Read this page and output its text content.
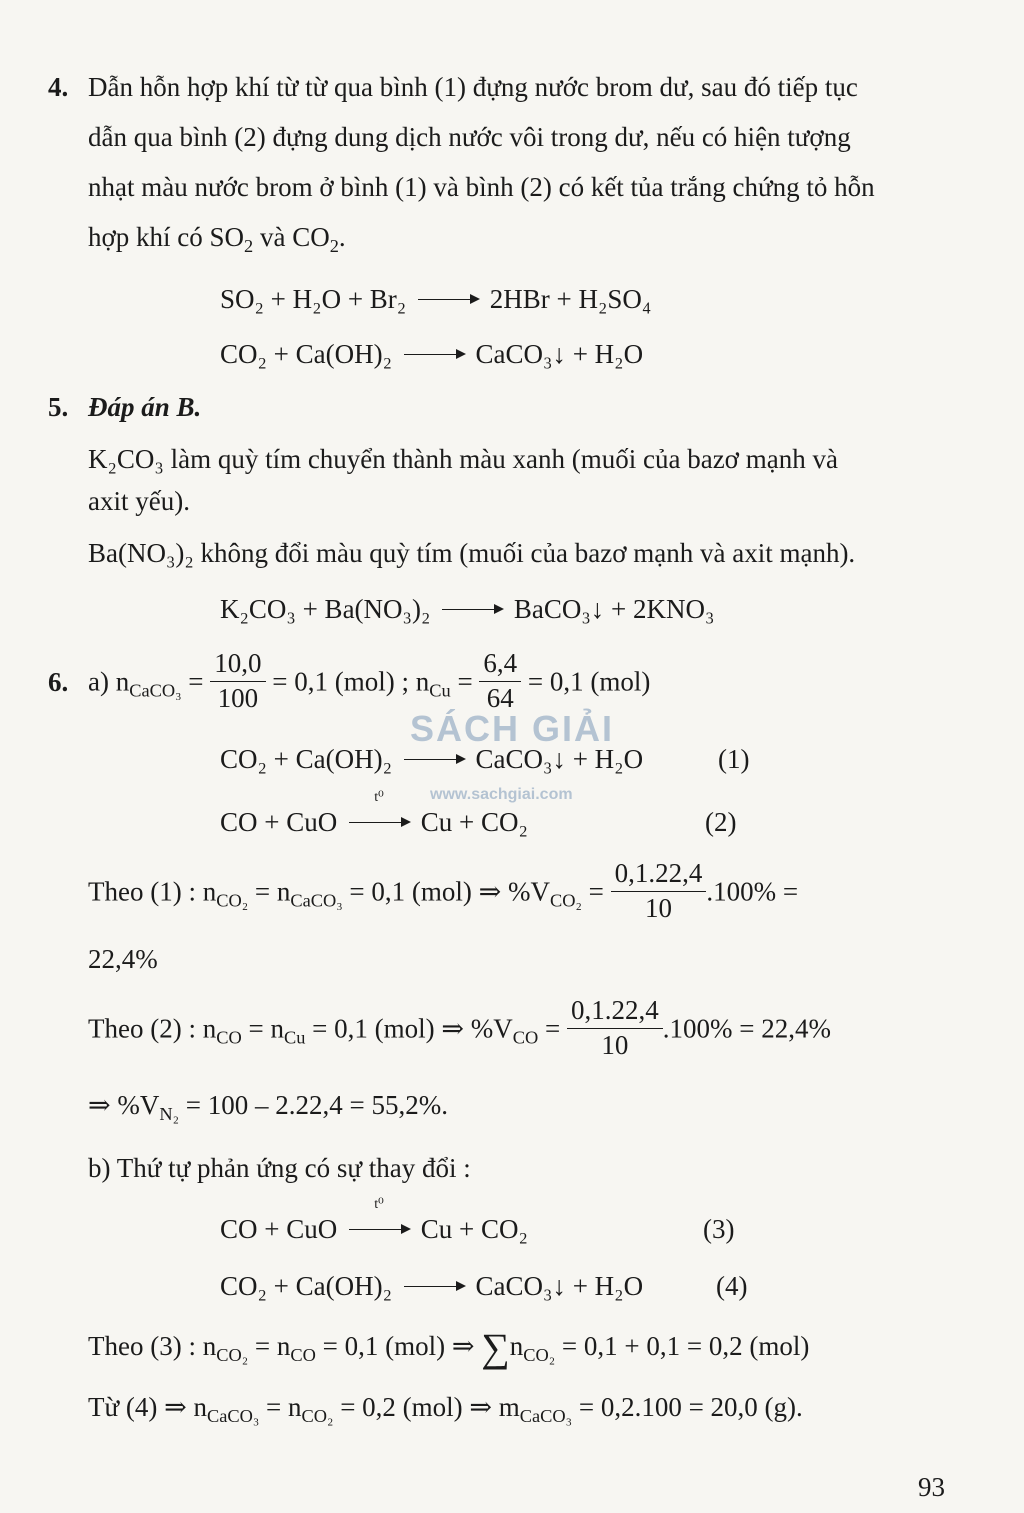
4. Dẫn hỗn hợp khí từ từ qua bình (1) đựng nước brom dư, sau đó tiếp tục
dẫn qua bình (2) đựng dung dịch nước vôi trong dư, nếu có hiện tượng
nhạt màu nước brom ở bình (1) và bình (2) có kết tủa trắng chứng tỏ hỗn
hợp khí có $SO_2$ và $CO_2$.
SO₂ + H₂O + Br₂ → 2HBr + H₂SO₄
CO₂ + Ca(OH)₂ → CaCO₃↓ + H₂O
5. Đáp án B.
K₂CO₃ làm quỳ tím chuyển thành màu xanh (muối của bazơ mạnh và
axit yếu).
Ba(NO₃)₂ không đổi màu quỳ tím (muối của bazơ mạnh và axit mạnh).
K₂CO₃ + Ba(NO₃)₂ → BaCO₃↓ + 2KNO₃
6. a) $n_{CaCO_3} = \frac{10,0}{100} = 0,1$ (mol) ; $n_{Cu} = \frac{6,4}{64} = 0,1$ (mol)
CO₂ + Ca(OH)₂ → CaCO₃↓ + H₂O	(1)
CO + CuO
t⁰
Cu + CO₂	(2)
Theo (1) : $n_{CO_2} = n_{CaCO_3} = 0,1$ (mol) ⇒ $\%V_{CO_2} = \frac{0,1.22,4}{10} .100\%$ =
22,4%
Theo (2) : $n_{CO} = n_{Cu} = 0,1$ (mol) ⇒ $\%V_{CO} = \frac{0,1.22,4}{10} .100\% = 22,4\%$
⇒ $\%V_{N_2} = 100 - 2.22,4 = 55,2\%$.
b) Thứ tự phản ứng có sự thay đổi :
CO + CuO
t⁰
Cu + CO₂	(3)
CO₂ + Ca(OH)₂ → CaCO₃↓ + H₂O	(4)
Theo (3) : $n_{CO_2} = n_{CO} = 0,1$ (mol) ⇒ $\sum n_{CO_2} = 0,1 + 0,1 = 0,2$ (mol)
Từ (4) ⇒ $n_{CaCO_3} = n_{CO_2} = 0,2$ (mol) ⇒ $m_{CaCO_3} = 0,2.100 = 20,0$ (g).
SÁCH GIẢI
www.sachgiai.com
93
